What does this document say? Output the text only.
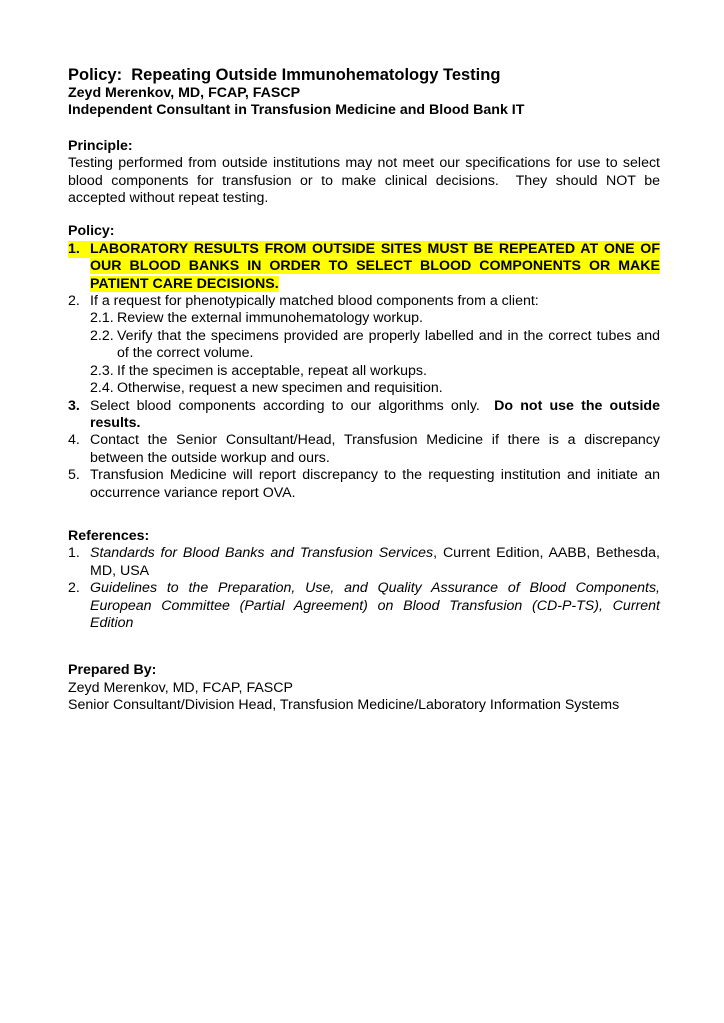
Policy:  Repeating Outside Immunohematology Testing
Zeyd Merenkov, MD, FCAP, FASCP
Independent Consultant in Transfusion Medicine and Blood Bank IT
Principle:
Testing performed from outside institutions may not meet our specifications for use to select blood components for transfusion or to make clinical decisions.  They should NOT be accepted without repeat testing.
Policy:
1. LABORATORY RESULTS FROM OUTSIDE SITES MUST BE REPEATED AT ONE OF OUR BLOOD BANKS IN ORDER TO SELECT BLOOD COMPONENTS OR MAKE PATIENT CARE DECISIONS.
2. If a request for phenotypically matched blood components from a client:
2.1. Review the external immunohematology workup.
2.2. Verify that the specimens provided are properly labelled and in the correct tubes and of the correct volume.
2.3. If the specimen is acceptable, repeat all workups.
2.4. Otherwise, request a new specimen and requisition.
3. Select blood components according to our algorithms only.  Do not use the outside results.
4. Contact the Senior Consultant/Head, Transfusion Medicine if there is a discrepancy between the outside workup and ours.
5. Transfusion Medicine will report discrepancy to the requesting institution and initiate an occurrence variance report OVA.
References:
1. Standards for Blood Banks and Transfusion Services, Current Edition, AABB, Bethesda, MD, USA
2. Guidelines to the Preparation, Use, and Quality Assurance of Blood Components, European Committee (Partial Agreement) on Blood Transfusion (CD-P-TS), Current Edition
Prepared By:
Zeyd Merenkov, MD, FCAP, FASCP
Senior Consultant/Division Head, Transfusion Medicine/Laboratory Information Systems
